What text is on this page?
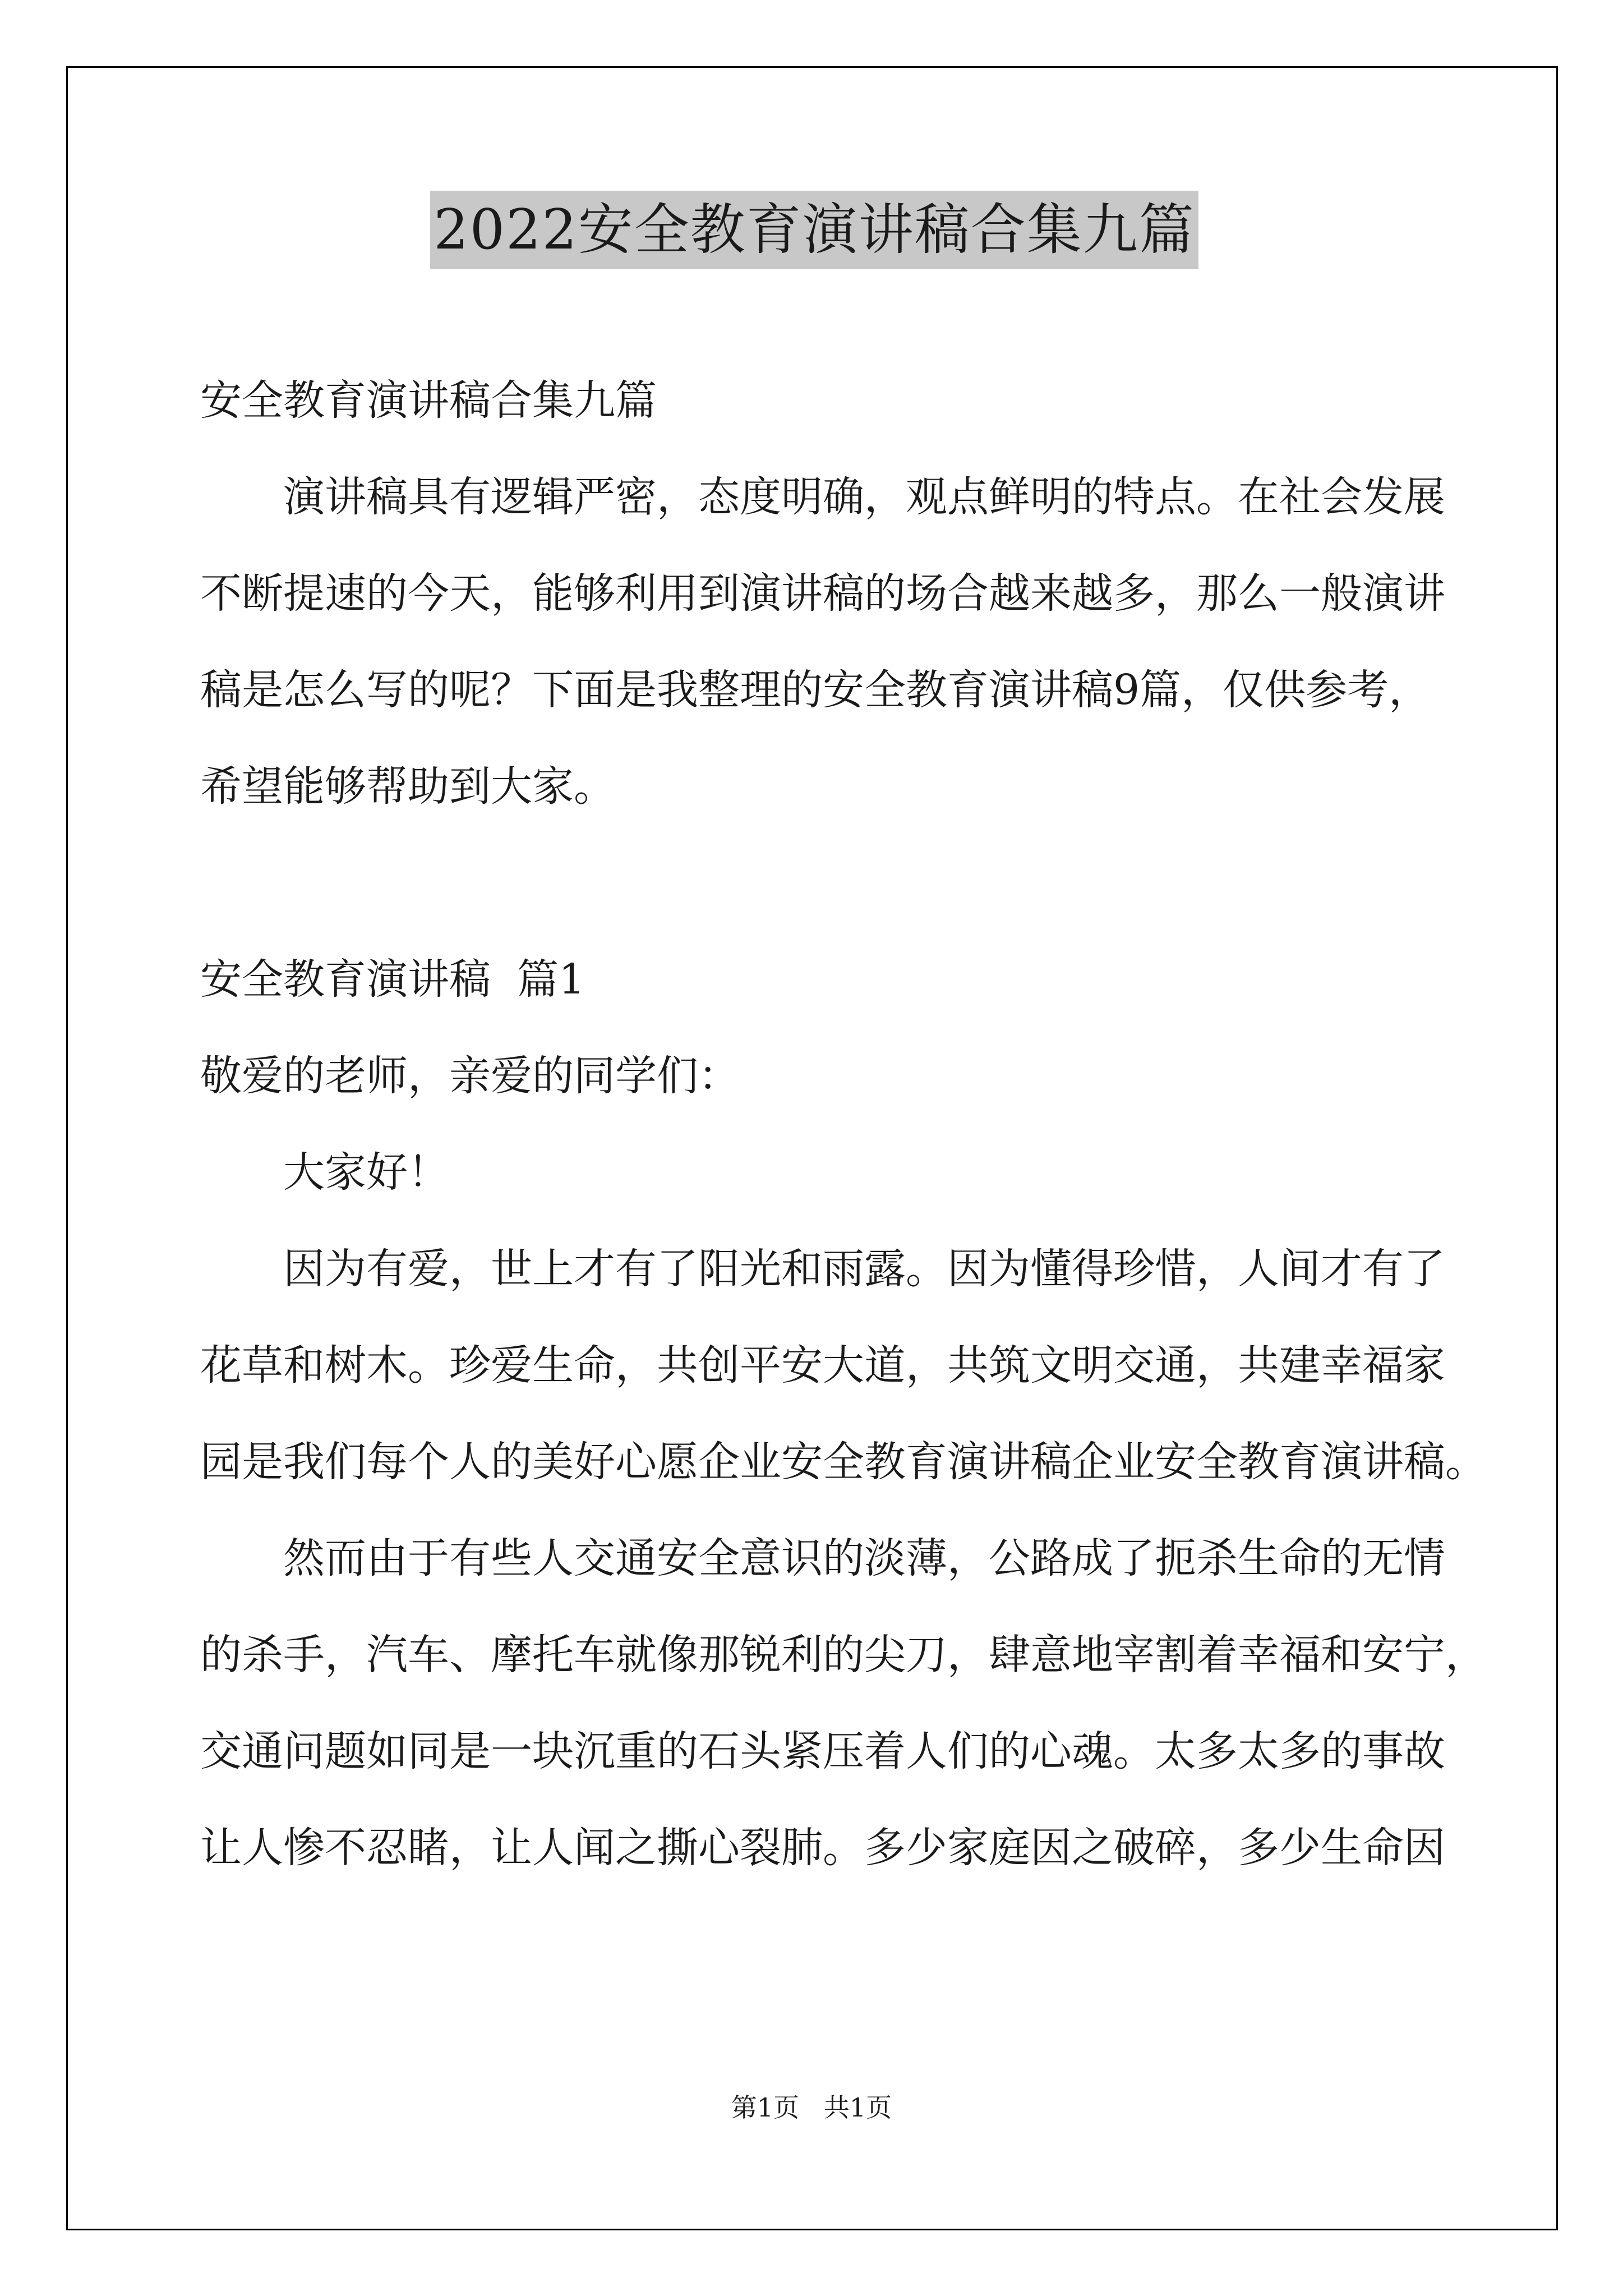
2022安全教育演讲稿合集九篇

安全教育演讲稿合集九篇

演讲稿具有逻辑严密，态度明确，观点鲜明的特点。在社会发展

不断提速的今天，能够利用到演讲稿的场合越来越多，那么一般演讲

稿是怎么写的呢？下面是我整理的安全教育演讲稿9篇，仅供参考，

希望能够帮助到大家。

安全教育演讲稿  篇1

敬爱的老师，亲爱的同学们：

大家好！

因为有爱，世上才有了阳光和雨露。因为懂得珍惜，人间才有了

花草和树木。珍爱生命，共创平安大道，共筑文明交通，共建幸福家

园是我们每个人的美好心愿企业安全教育演讲稿企业安全教育演讲稿。

然而由于有些人交通安全意识的淡薄，公路成了扼杀生命的无情

的杀手，汽车、摩托车就像那锐利的尖刀，肆意地宰割着幸福和安宁，

交通问题如同是一块沉重的石头紧压着人们的心魂。太多太多的事故

让人惨不忍睹，让人闻之撕心裂肺。多少家庭因之破碎，多少生命因

第1页   共1页
